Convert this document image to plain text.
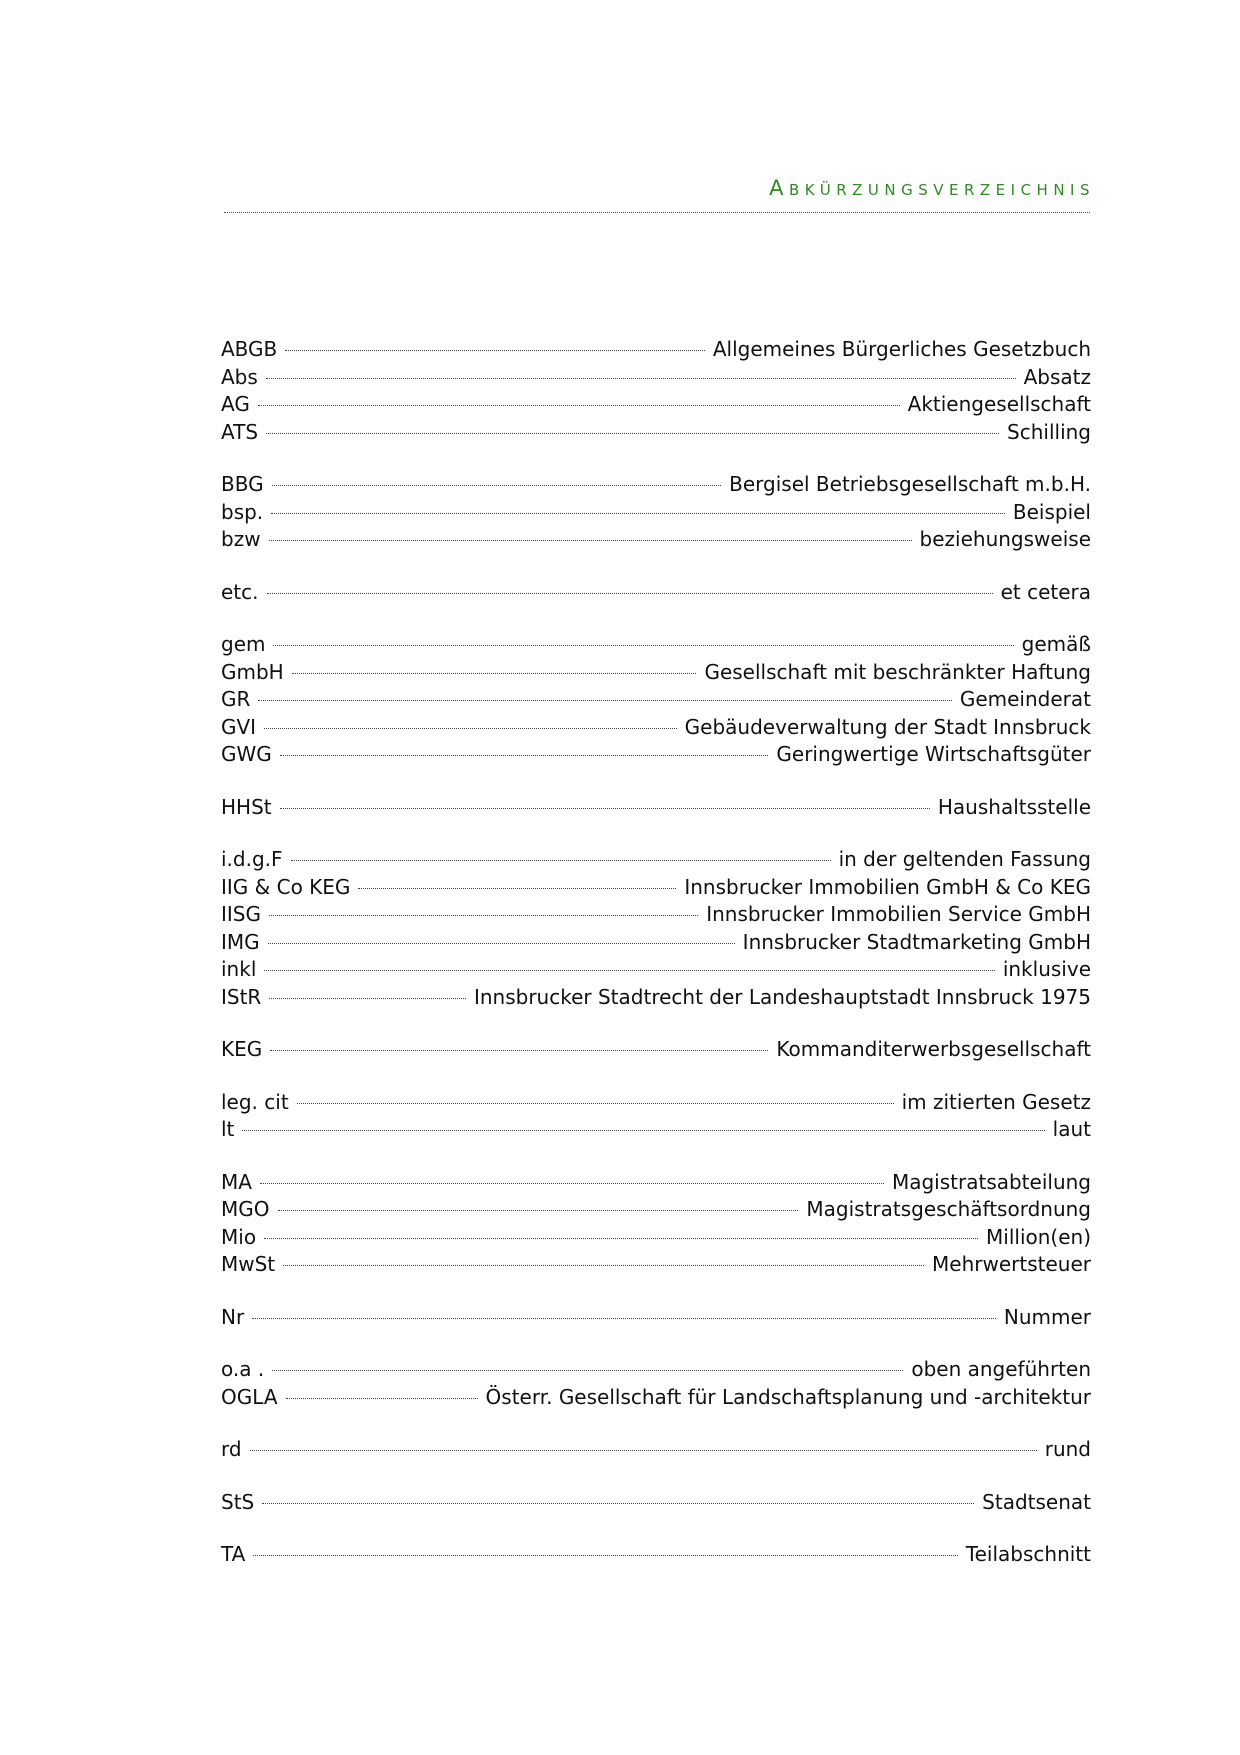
Abkürzungsverzeichnis
ABGB	Allgemeines Bürgerliches Gesetzbuch
Abs	Absatz
AG	Aktiengesellschaft
ATS	Schilling
BBG	Bergisel Betriebsgesellschaft m.b.H.
bsp.	Beispiel
bzw	beziehungsweise
etc.	et cetera
gem	gemäß
GmbH	Gesellschaft mit beschränkter Haftung
GR	Gemeinderat
GVI	Gebäudeverwaltung der Stadt Innsbruck
GWG	Geringwertige Wirtschaftsgüter
HHSt	Haushaltsstelle
i.d.g.F	in der geltenden Fassung
IIG & Co KEG	Innsbrucker Immobilien GmbH & Co KEG
IISG	Innsbrucker Immobilien Service GmbH
IMG	Innsbrucker Stadtmarketing GmbH
inkl	inklusive
IStR	Innsbrucker Stadtrecht der Landeshauptstadt Innsbruck 1975
KEG	Kommanditerwerbsgesellschaft
leg. cit	im zitierten Gesetz
lt	laut
MA	Magistratsabteilung
MGO	Magistratsgeschäftsordnung
Mio	Million(en)
MwSt	Mehrwertsteuer
Nr	Nummer
o.a .	oben angeführten
OGLA	Österr. Gesellschaft für Landschaftsplanung und -architektur
rd	rund
StS	Stadtsenat
TA	Teilabschnitt
